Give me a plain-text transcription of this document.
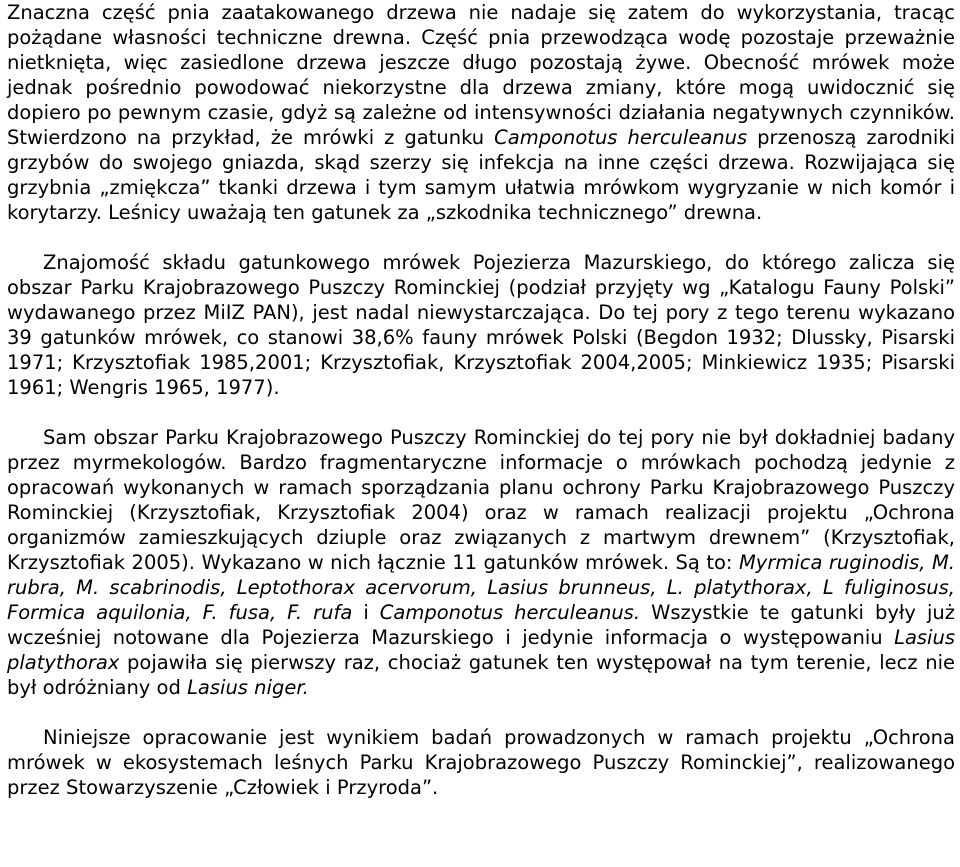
Znaczna część pnia zaatakowanego drzewa nie nadaje się zatem do wykorzystania, tracąc pożądane własności techniczne drewna. Część pnia przewodząca wodę pozostaje przeważnie nietknięta, więc zasiedlone drzewa jeszcze długo pozostają żywe. Obecność mrówek może jednak pośrednio powodować niekorzystne dla drzewa zmiany, które mogą uwidocznić się dopiero po pewnym czasie, gdyż są zależne od intensywności działania negatywnych czynników. Stwierdzono na przykład, że mrówki z gatunku Camponotus herculeanus przenoszą zarodniki grzybów do swojego gniazda, skąd szerzy się infekcja na inne części drzewa. Rozwijająca się grzybnia „zmiękcza” tkanki drzewa i tym samym ułatwia mrówkom wygryzanie w nich komór i korytarzy. Leśnicy uważają ten gatunek za „szkodnika technicznego” drewna.

Znajomość składu gatunkowego mrówek Pojezierza Mazurskiego, do którego zalicza się obszar Parku Krajobrazowego Puszczy Rominckiej (podział przyjęty wg „Katalogu Fauny Polski” wydawanego przez MiIZ PAN), jest nadal niewystarczająca. Do tej pory z tego terenu wykazano 39 gatunków mrówek, co stanowi 38,6% fauny mrówek Polski (Begdon 1932; Dlussky, Pisarski 1971; Krzysztofiak 1985,2001; Krzysztofiak, Krzysztofiak 2004,2005; Minkiewicz 1935; Pisarski 1961; Wengris 1965, 1977).

Sam obszar Parku Krajobrazowego Puszczy Rominckiej do tej pory nie był dokładniej badany przez myrmekologów. Bardzo fragmentaryczne informacje o mrówkach pochodzą jedynie z opracowań wykonanych w ramach sporządzania planu ochrony Parku Krajobrazowego Puszczy Rominckiej (Krzysztofiak, Krzysztofiak 2004) oraz w ramach realizacji projektu „Ochrona organizmów zamieszkujących dziuple oraz związanych z martwym drewnem” (Krzysztofiak, Krzysztofiak 2005). Wykazano w nich łącznie 11 gatunków mrówek. Są to: Myrmica ruginodis, M. rubra, M. scabrinodis, Leptothorax acervorum, Lasius brunneus, L. platythorax, L fuliginosus, Formica aquilonia, F. fusa, F. rufa i Camponotus herculeanus. Wszystkie te gatunki były już wcześniej notowane dla Pojezierza Mazurskiego i jedynie informacja o występowaniu Lasius platythorax pojawiła się pierwszy raz, chociaż gatunek ten występował na tym terenie, lecz nie był odróżniany od Lasius niger.

Niniejsze opracowanie jest wynikiem badań prowadzonych w ramach projektu „Ochrona mrówek w ekosystemach leśnych Parku Krajobrazowego Puszczy Rominckiej”, realizowanego przez Stowarzyszenie „Człowiek i Przyroda”.
